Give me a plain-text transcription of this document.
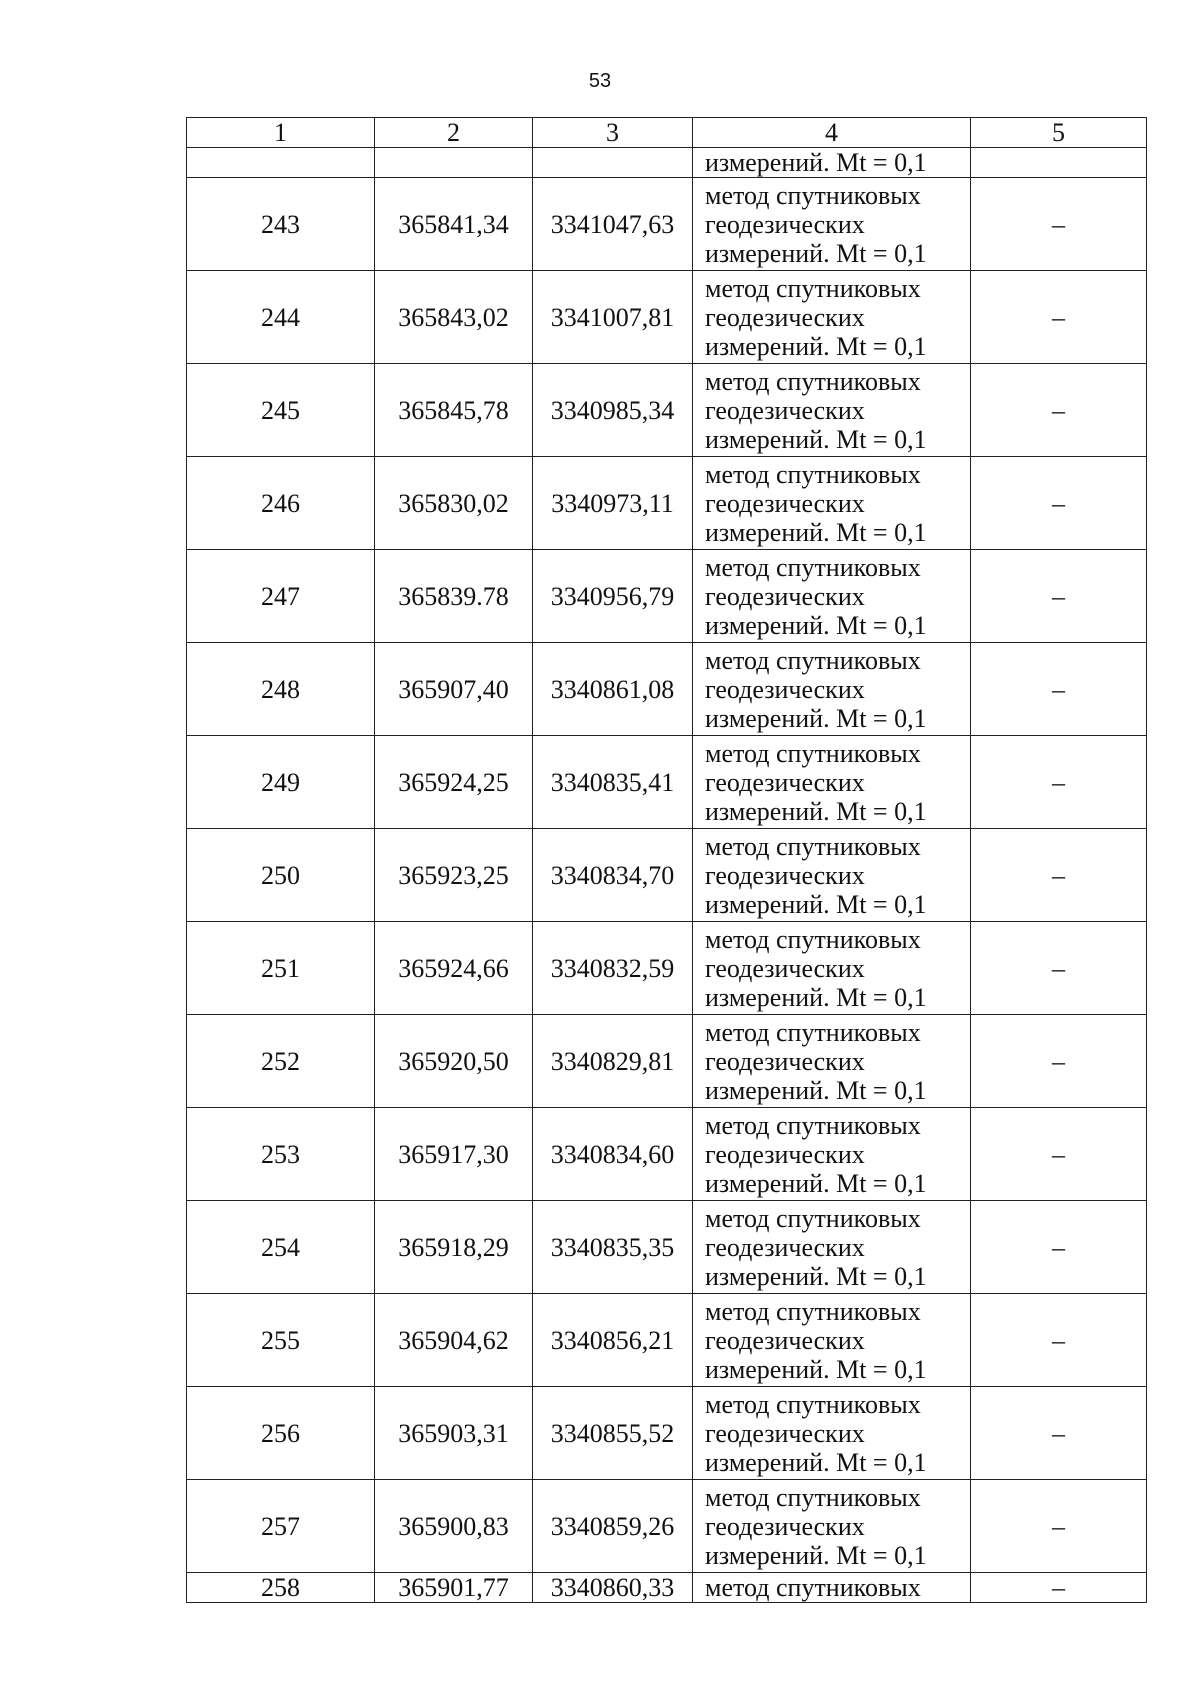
53
1	2	3	4	5

			измерений. Mt = 0,1	

243	365841,34	3341047,63	метод спутниковых
геодезических
измерений. Mt = 0,1	–
244	365843,02	3341007,81	метод спутниковых
геодезических
измерений. Mt = 0,1	–
245	365845,78	3340985,34	метод спутниковых
геодезических
измерений. Mt = 0,1	–
246	365830,02	3340973,11	метод спутниковых
геодезических
измерений. Mt = 0,1	–
247	365839.78	3340956,79	метод спутниковых
геодезических
измерений. Mt = 0,1	–
248	365907,40	3340861,08	метод спутниковых
геодезических
измерений. Mt = 0,1	–
249	365924,25	3340835,41	метод спутниковых
геодезических
измерений. Mt = 0,1	–
250	365923,25	3340834,70	метод спутниковых
геодезических
измерений. Mt = 0,1	–
251	365924,66	3340832,59	метод спутниковых
геодезических
измерений. Mt = 0,1	–
252	365920,50	3340829,81	метод спутниковых
геодезических
измерений. Mt = 0,1	–
253	365917,30	3340834,60	метод спутниковых
геодезических
измерений. Mt = 0,1	–
254	365918,29	3340835,35	метод спутниковых
геодезических
измерений. Mt = 0,1	–
255	365904,62	3340856,21	метод спутниковых
геодезических
измерений. Mt = 0,1	–
256	365903,31	3340855,52	метод спутниковых
геодезических
измерений. Mt = 0,1	–
257	365900,83	3340859,26	метод спутниковых
геодезических
измерений. Mt = 0,1	–
258	365901,77	3340860,33	метод спутниковых	–
